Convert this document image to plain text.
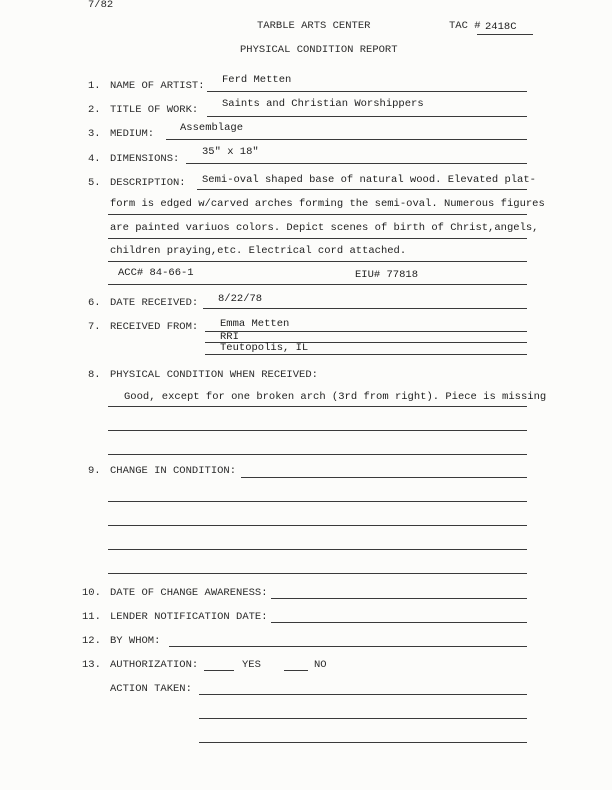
7/82
TARBLE ARTS CENTER	TAC # 2418C
PHYSICAL CONDITION REPORT
1. NAME OF ARTIST: Ferd Metten
2. TITLE OF WORK: Saints and Christian Worshippers
3. MEDIUM: Assemblage
4. DIMENSIONS:
35" x 18"
5. DESCRIPTION: Semi-oval shaped base of natural wood. Elevated plat-
form is edged w/carved arches forming the semi-oval. Numerous figures
are painted variuos colors. Depict scenes of birth of Christ,angels,
children praying,etc. Electrical cord attached.
ACC# 84-66-1	EIU# 77818
6. DATE RECEIVED: 8/22/78
7. RECEIVED FROM: Emma Metten
RRI
Teutopolis, IL
8. PHYSICAL CONDITION WHEN RECEIVED:
Good, except for one broken arch (3rd from right). Piece is missing
9. CHANGE IN CONDITION:
10. DATE OF CHANGE AWARENESS:
11. LENDER NOTIFICATION DATE:
12. BY WHOM:
13. AUTHORIZATION:	YES	NO
ACTION TAKEN:
